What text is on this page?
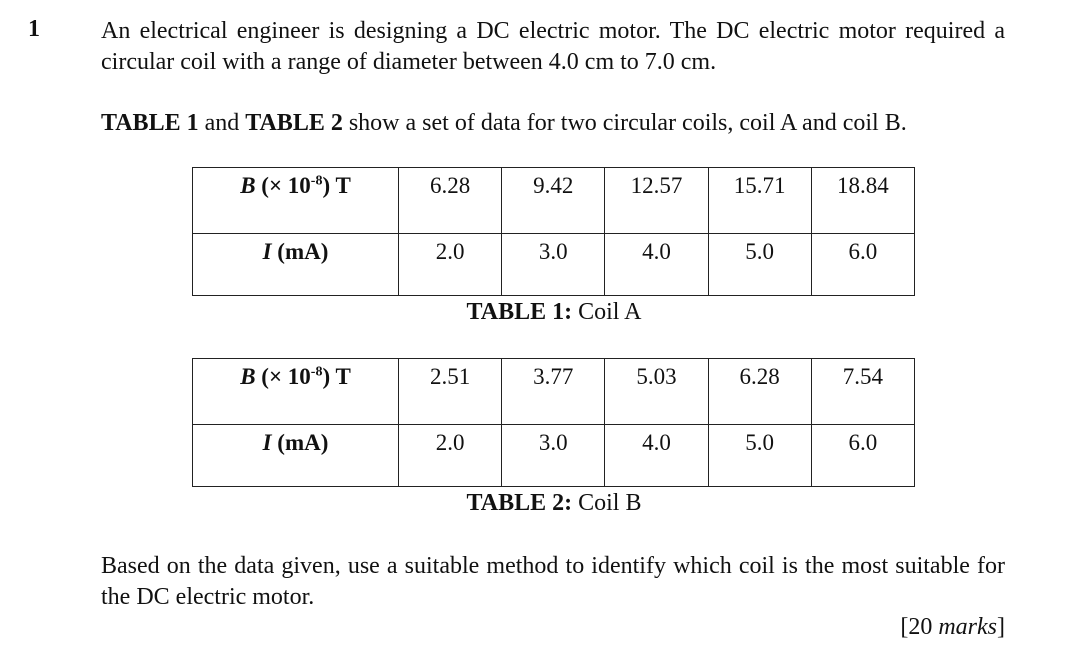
1	An electrical engineer is designing a DC electric motor. The DC electric motor required a circular coil with a range of diameter between 4.0 cm to 7.0 cm.
TABLE 1 and TABLE 2 show a set of data for two circular coils, coil A and coil B.
B (× $10^{-8}$) T	6.28	9.42	12.57	15.71	18.84
I (mA)	2.0	3.0	4.0	5.0	6.0
TABLE 1: Coil A
B (× $10^{-8}$) T	2.51	3.77	5.03	6.28	7.54
I (mA)	2.0	3.0	4.0	5.0	6.0
TABLE 2: Coil B
Based on the data given, use a suitable method to identify which coil is the most suitable for the DC electric motor.
[20 marks]
